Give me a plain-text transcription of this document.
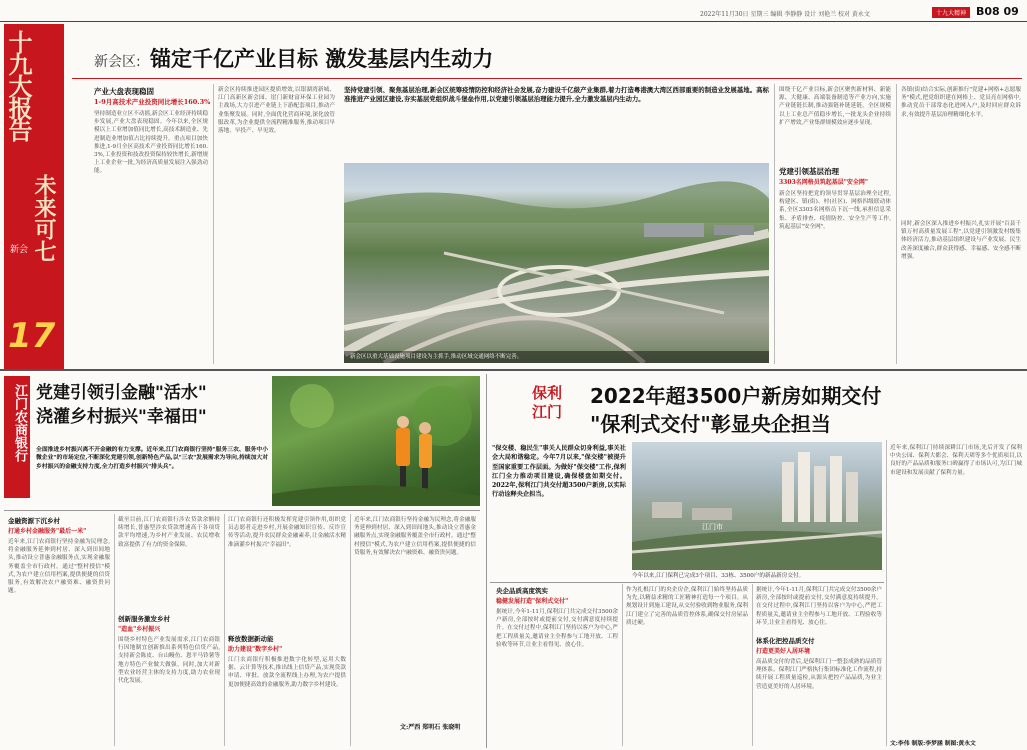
2022年11月30日 星期三 编辑 李静静 设计 刘艳兰 校对 黄永文	十九大精神 B08 09
十九大报告
未来可七
新会
17
新会区: 锚定千亿产业目标 激发基层内生动力
产业大盘表现稳固
1-9月高技术产业投资同比增长160.3%
坚持制造业立区不动摇,新会区工业经济持续稳步发展,产业大盘表现稳固。今年以来,全区规模以上工业增加值同比增长,高技术制造业、先进制造业增加值占比持续提升。重点项目加快推进,1-9月全区高技术产业投资同比增长160.3%,工业投资和技改投资保持较快增长,新增规上工业企业一批,为经济高质量发展注入强劲动能。
新会区持续推进园区提质增效,以银湖湾新城、江门高新区新会园、崖门新财富环保工业园为主战场,大力引进产业链上下游配套项目,推动产业集聚发展。同时,全面优化营商环境,深化放管服改革,为企业提供全流程精准服务,推动项目早落地、早投产、早见效。
坚持党建引领、聚焦基层治理,新会区统筹疫情防控和经济社会发展,奋力建设千亿级产业集群,着力打造粤港澳大湾区西部重要的制造业发展基地。高标准推进产业园区建设,夯实基层党组织战斗堡垒作用,以党建引领基层治理能力提升,全力激发基层内生动力。
新会区以重大基础设施项目建设为主抓手,推动区域交通网络不断完善。
围绕千亿产业目标,新会区聚焦新材料、新能源、大健康、高端装备制造等产业方向,实施产业链链长制,推动强链补链延链。全区规模以上工业总产值稳步增长,一批龙头企业持续扩产增效,产业集群规模效应逐步显现。
党建引领基层治理
3303名网格员筑起基层"安全网"
新会区坚持把党的领导贯穿基层治理全过程,构建区、镇(街)、村(社区)、网格四级联动体系,全区3303名网格员下沉一线,承担信息采集、矛盾排查、疫情防控、安全生产等工作,筑起基层"安全网"。
各镇(街)结合实际,创新推行"党建+网格+志愿服务"模式,把党组织建在网格上、党员亮在网格中,推动党员干部常态化进网入户,及时回应群众诉求,有效提升基层治理精细化水平。
同时,新会区深入推进乡村振兴,扎实开展"百县千镇万村高质量发展工程",以党建引领激发村级集体经济活力,推动基层组织建设与产业发展、民生改善深度融合,群众获得感、幸福感、安全感不断增强。
江门农商银行 党建引领引金融"活水"
浇灌乡村振兴"幸福田"
全面推进乡村振兴离不开金融的有力支撑。近年来,江门农商银行坚持"服务三农、服务中小微企业"的市场定位,不断深化党建引领,创新特色产品,以"三农"发展需求为导向,持续加大对乡村振兴的金融支持力度,全力打造乡村振兴"排头兵"。
金融资源下沉乡村
打通乡村金融服务"最后一米"
近年来,江门农商银行坚持金融为民理念,将金融服务延伸到村居、深入到田间地头,推动设立普惠金融服务点,实现金融服务覆盖全市行政村。通过"整村授信"模式,为农户建立信用档案,提供便捷的信贷服务,有效解决农户融资难、融资贵问题。
截至目前,江门农商银行涉农贷款余额持续增长,普惠型涉农贷款增速高于各项贷款平均增速,为乡村产业发展、农民增收致富提供了有力的资金保障。
创新服务激发乡村
"造血"乡村振兴
围绕乡村特色产业发展需求,江门农商银行因地制宜创新推出系列特色信贷产品,支持新会陈皮、台山鳗鱼、恩平马铃薯等地方特色产业做大做强。同时,加大对新型农业经营主体的支持力度,助力农业现代化发展。
江门农商银行还积极发挥党建引领作用,组织党员志愿者走进乡村,开展金融知识宣传、反诈宣传等活动,提升农民群众金融素养,让金融活水精准滴灌乡村振兴"幸福田"。
释放数据新动能
助力建设"数字乡村"
江门农商银行积极推进数字化转型,运用大数据、云计算等技术,推出线上信贷产品,实现贷款申请、审批、放款全流程线上办理,为农户提供更加便捷高效的金融服务,助力数字乡村建设。
近年来,江门农商银行坚持金融为民理念,将金融服务延伸到村居、深入到田间地头,推动设立普惠金融服务点,实现金融服务覆盖全市行政村。通过"整村授信"模式,为农户建立信用档案,提供便捷的信贷服务,有效解决农户融资难、融资贵问题。
文:严西 郑明石 张晓明
保利江门
2022年超3500户新房如期交付
"保利式交付"彰显央企担当
"保交楼、稳民生"事关人民群众切身利益,事关社会大局和谐稳定。今年7月以来,"保交楼"被提升至国家重要工作层面。为做好"保交楼"工作,保利江门全力推动项目建设,确保楼盘如期交付。2022年,保利江门共交付超3500户新房,以实际行动诠释央企担当。
江门市
今年以来,江门保利已完成3个项目、33栋、3500户的新品新房交付。
近年来,保利江门持续深耕江门市场,先后开发了保利中央公园、保利大都会、保利天珺等多个优质项目,以良好的产品品质和服务口碑赢得了市场认可,为江门城市建设和发展贡献了保利力量。
央企品质高度筑实
稳健发展打造"保利式交付"
据统计,今年1-11月,保利江门共完成交付3500余户新房,全部按时或提前交付,交付满意度持续提升。在交付过程中,保利江门坚持以客户为中心,严把工程质量关,邀请业主全程参与工地开放、工程验收等环节,让业主看得见、放心住。
作为扎根江门的央企房企,保利江门始终坚持品质为先,以精益求精的工匠精神打造每一个项目。从规划设计到施工建设,从交付验收到物业服务,保利江门建立了完善的品质管控体系,确保交付房屋品质过硬。
据统计,今年1-11月,保利江门共完成交付3500余户新房,全部按时或提前交付,交付满意度持续提升。在交付过程中,保利江门坚持以客户为中心,严把工程质量关,邀请业主全程参与工地开放、工程验收等环节,让业主看得见、放心住。
体系化把控品质交付
打造更美好人居环境
高品质交付的背后,是保利江门一整套成熟的品质管理体系。保利江门严格执行集团标准化工作流程,持续开展工程质量巡检,从源头把控产品品质,为业主营造更美好的人居环境。
文:李伟 制版:李梦涵 制图:黄永文
